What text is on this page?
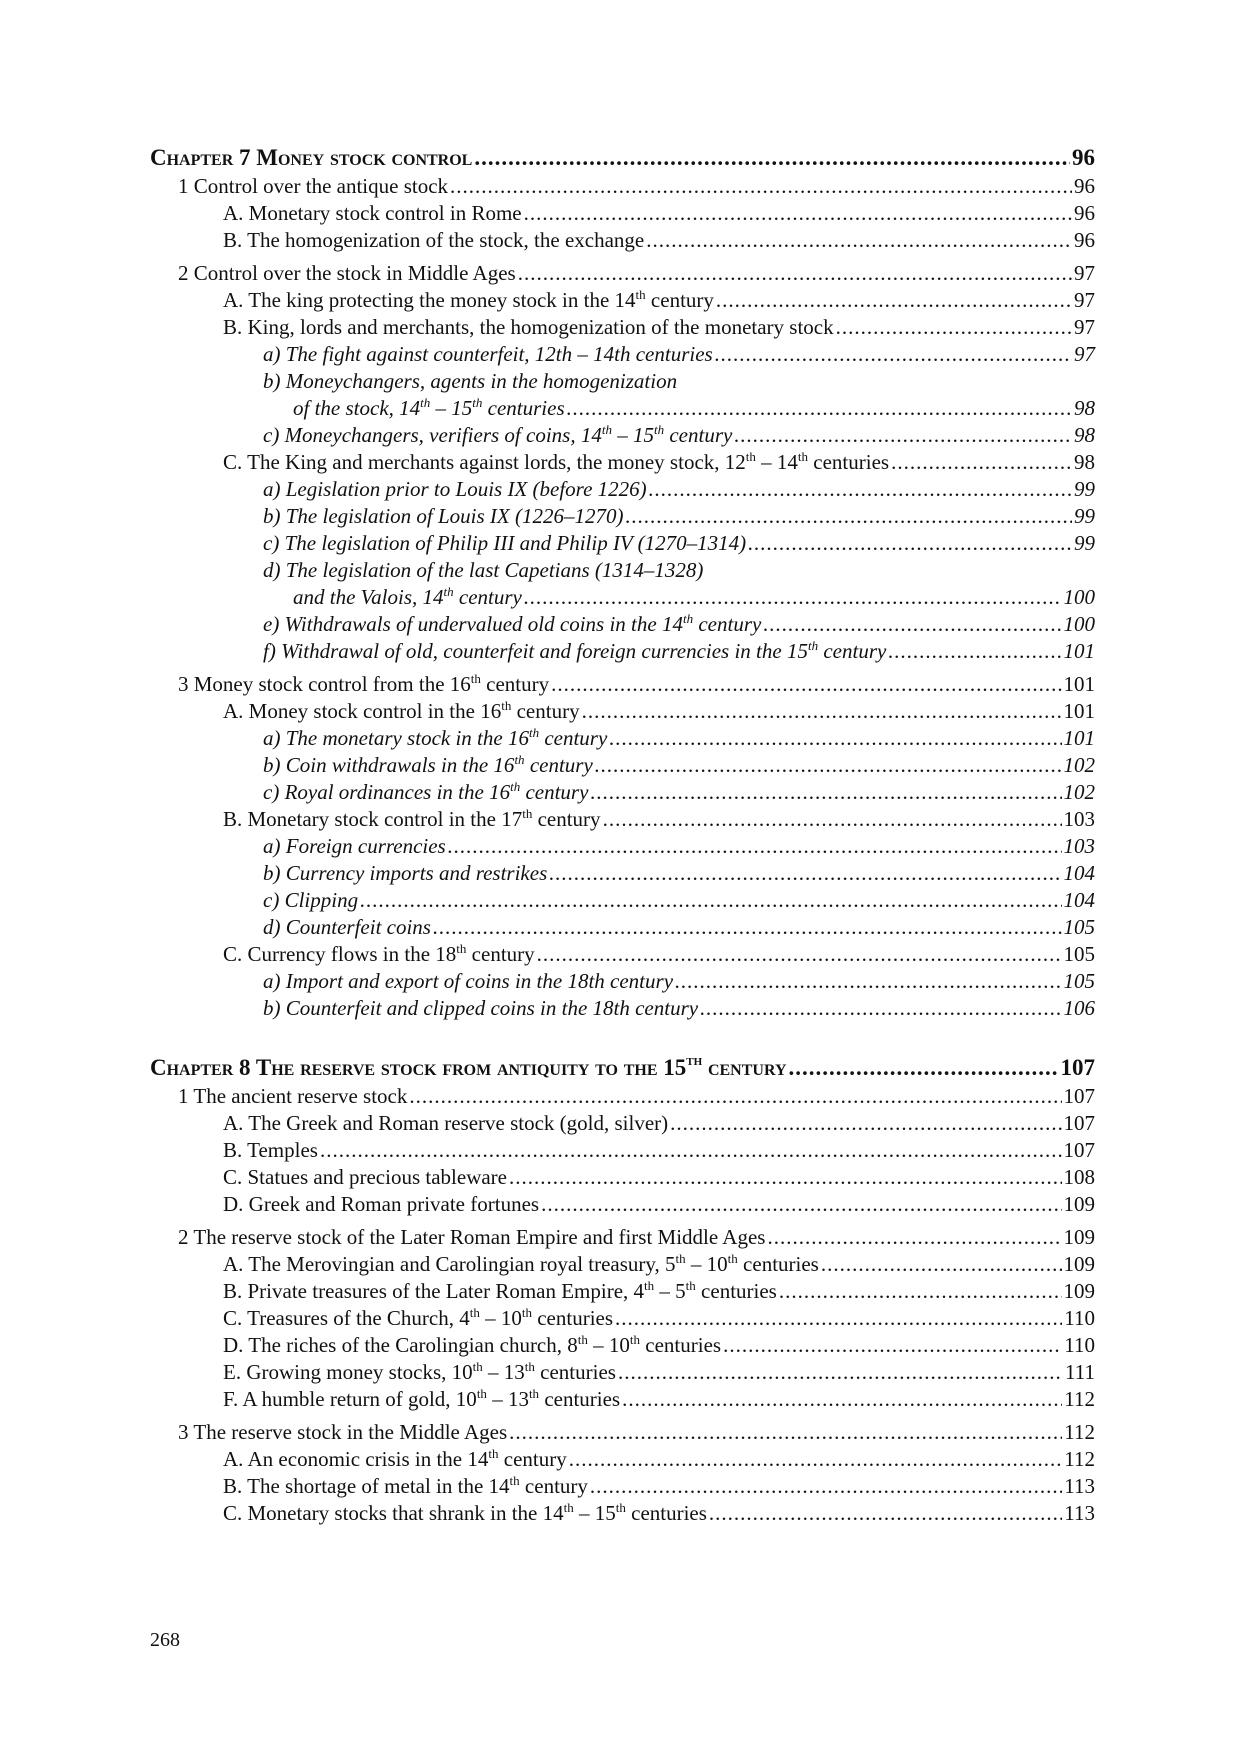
Chapter 7 Money stock control .....	96
1 Control over the antique stock .....	96
A. Monetary stock control in Rome .....	96
B. The homogenization of the stock, the exchange .....	96
2 Control over the stock in Middle Ages .....	97
A. The king protecting the money stock in the 14th century .....	97
B. King, lords and merchants, the homogenization of the monetary stock .....	97
a) The fight against counterfeit, 12th – 14th centuries .....	97
b) Moneychangers, agents in the homogenization
of the stock, 14th – 15th centuries .....	98
c) Moneychangers, verifiers of coins, 14th – 15th century .....	98
C. The King and merchants against lords, the money stock, 12th – 14th centuries .....	98
a) Legislation prior to Louis IX (before 1226) .....	99
b) The legislation of Louis IX (1226–1270) .....	99
c) The legislation of Philip III and Philip IV (1270–1314) .....	99
d) The legislation of the last Capetians (1314–1328)
and the Valois, 14th century .....	100
e) Withdrawals of undervalued old coins in the 14th century .....	100
f) Withdrawal of old, counterfeit and foreign currencies in the 15th century .....	101
3 Money stock control from the 16th century .....	101
A. Money stock control in the 16th century .....	101
a) The monetary stock in the 16th century .....	101
b) Coin withdrawals in the 16th century .....	102
c) Royal ordinances in the 16th century .....	102
B. Monetary stock control in the 17th century .....	103
a) Foreign currencies .....	103
b) Currency imports and restrikes .....	104
c) Clipping .....	104
d) Counterfeit coins .....	105
C. Currency flows in the 18th century .....	105
a) Import and export of coins in the 18th century .....	105
b) Counterfeit and clipped coins in the 18th century .....	106
Chapter 8 The reserve stock from antiquity to the 15th century .....	107
1 The ancient reserve stock .....	107
A. The Greek and Roman reserve stock (gold, silver) .....	107
B. Temples .....	107
C. Statues and precious tableware .....	108
D. Greek and Roman private fortunes .....	109
2 The reserve stock of the Later Roman Empire and first Middle Ages .....	109
A. The Merovingian and Carolingian royal treasury, 5th – 10th centuries .....	109
B. Private treasures of the Later Roman Empire, 4th – 5th centuries .....	109
C. Treasures of the Church, 4th – 10th centuries .....	110
D. The riches of the Carolingian church, 8th – 10th centuries .....	110
E. Growing money stocks, 10th – 13th centuries .....	111
F. A humble return of gold, 10th – 13th centuries .....	112
3 The reserve stock in the Middle Ages .....	112
A. An economic crisis in the 14th century .....	112
B. The shortage of metal in the 14th century .....	113
C. Monetary stocks that shrank in the 14th – 15th centuries .....	113
268
